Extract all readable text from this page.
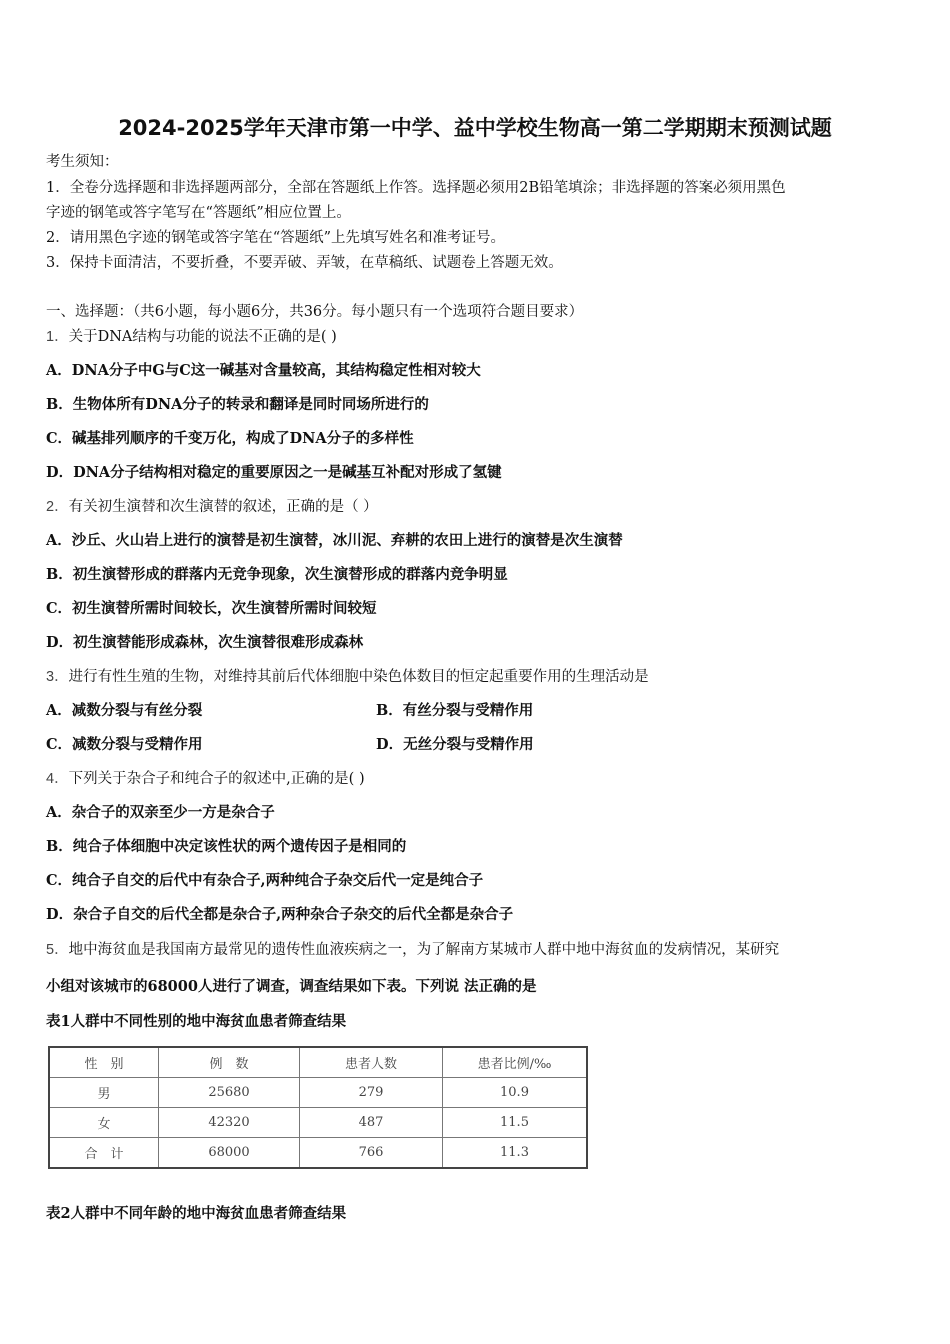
2024-2025学年天津市第一中学、益中学校生物高一第二学期期末预测试题
考生须知：
1．全卷分选择题和非选择题两部分，全部在答题纸上作答。选择题必须用2B铅笔填涂；非选择题的答案必须用黑色
字迹的钢笔或答字笔写在“答题纸”相应位置上。
2．请用黑色字迹的钢笔或答字笔在“答题纸”上先填写姓名和准考证号。
3．保持卡面清洁，不要折叠，不要弄破、弄皱，在草稿纸、试题卷上答题无效。
一、选择题：（共6小题，每小题6分，共36分。每小题只有一个选项符合题目要求）
1．关于DNA结构与功能的说法不正确的是( )
A．DNA分子中G与C这一碱基对含量较高，其结构稳定性相对较大
B．生物体所有DNA分子的转录和翻译是同时同场所进行的
C．碱基排列顺序的千变万化，构成了DNA分子的多样性
D．DNA分子结构相对稳定的重要原因之一是碱基互补配对形成了氢键
2．有关初生演替和次生演替的叙述，正确的是（ ）
A．沙丘、火山岩上进行的演替是初生演替，冰川泥、弃耕的农田上进行的演替是次生演替
B．初生演替形成的群落内无竞争现象，次生演替形成的群落内竞争明显
C．初生演替所需时间较长，次生演替所需时间较短
D．初生演替能形成森林，次生演替很难形成森林
3．进行有性生殖的生物，对维持其前后代体细胞中染色体数目的恒定起重要作用的生理活动是
A．减数分裂与有丝分裂	B．有丝分裂与受精作用
C．减数分裂与受精作用	D．无丝分裂与受精作用
4．下列关于杂合子和纯合子的叙述中,正确的是( )
A．杂合子的双亲至少一方是杂合子
B．纯合子体细胞中决定该性状的两个遗传因子是相同的
C．纯合子自交的后代中有杂合子,两种纯合子杂交后代一定是纯合子
D．杂合子自交的后代全都是杂合子,两种杂合子杂交的后代全都是杂合子
5．地中海贫血是我国南方最常见的遗传性血液疾病之一，为了解南方某城市人群中地中海贫血的发病情况，某研究
小组对该城市的68000人进行了调查，调查结果如下表。下列说 法正确的是
表1人群中不同性别的地中海贫血患者筛查结果
性　别	例　数	患者人数	患者比例/‰
男	25680	279	10.9
女	42320	487	11.5
合　计	68000	766	11.3
表2人群中不同年龄的地中海贫血患者筛查结果
